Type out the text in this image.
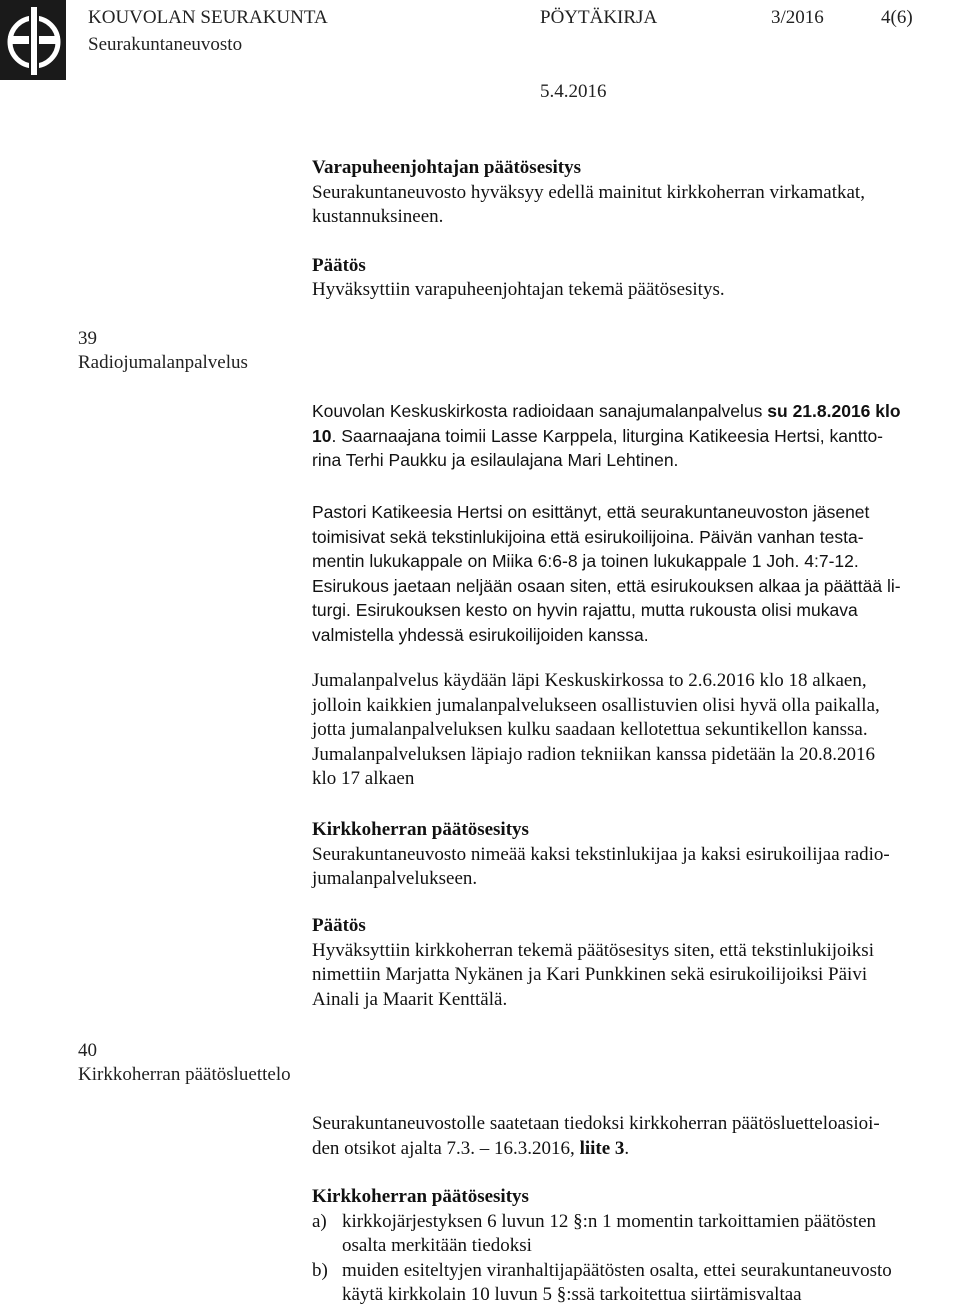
KOUVOLAN SEURAKUNTA	PÖYTÄKIRJA	3/2016	4(6)
Seurakuntaneuvosto
5.4.2016
Varapuheenjohtajan päätösesitys
Seurakuntaneuvosto hyväksyy edellä mainitut kirkkoherran virkamatkat,
kustannuksineen.
Päätös
Hyväksyttiin varapuheenjohtajan tekemä päätösesitys.
39
Radiojumalanpalvelus
Kouvolan Keskuskirkosta radioidaan sanajumalanpalvelus su 21.8.2016 klo
10. Saarnaajana toimii Lasse Karppela, liturgina Katikeesia Hertsi, kantto-
rina Terhi Paukku ja esilaulajana Mari Lehtinen.
Pastori Katikeesia Hertsi on esittänyt, että seurakuntaneuvoston jäsenet
toimisivat sekä tekstinlukijoina että esirukoilijoina. Päivän vanhan testa-
mentin lukukappale on Miika 6:6-8 ja toinen lukukappale 1 Joh. 4:7-12.
Esirukous jaetaan neljään osaan siten, että esirukouksen alkaa ja päättää li-
turgi. Esirukouksen kesto on hyvin rajattu, mutta rukousta olisi mukava
valmistella yhdessä esirukoilijoiden kanssa.
Jumalanpalvelus käydään läpi Keskuskirkossa to 2.6.2016 klo 18 alkaen,
jolloin kaikkien jumalanpalvelukseen osallistuvien olisi hyvä olla paikalla,
jotta jumalanpalveluksen kulku saadaan kellotettua sekuntikellon kanssa.
Jumalanpalveluksen läpiajo radion tekniikan kanssa pidetään la 20.8.2016
klo 17 alkaen
Kirkkoherran päätösesitys
Seurakuntaneuvosto nimeää kaksi tekstinlukijaa ja kaksi esirukoilijaa radio-
jumalanpalvelukseen.
Päätös
Hyväksyttiin kirkkoherran tekemä päätösesitys siten, että tekstinlukijoiksi
nimettiin Marjatta Nykänen ja Kari Punkkinen sekä esirukoilijoiksi Päivi
Ainali ja Maarit Kenttälä.
40
Kirkkoherran päätösluettelo
Seurakuntaneuvostolle saatetaan tiedoksi kirkkoherran päätösluetteloasioi-
den otsikot ajalta 7.3. – 16.3.2016, liite 3.
Kirkkoherran päätösesitys
a) kirkkojärjestyksen 6 luvun 12 §:n 1 momentin tarkoittamien päätösten
osalta merkitään tiedoksi
b) muiden esiteltyjen viranhaltijapäätösten osalta, ettei seurakuntaneuvosto
käytä kirkkolain 10 luvun 5 §:ssä tarkoitettua siirtämisvaltaa
